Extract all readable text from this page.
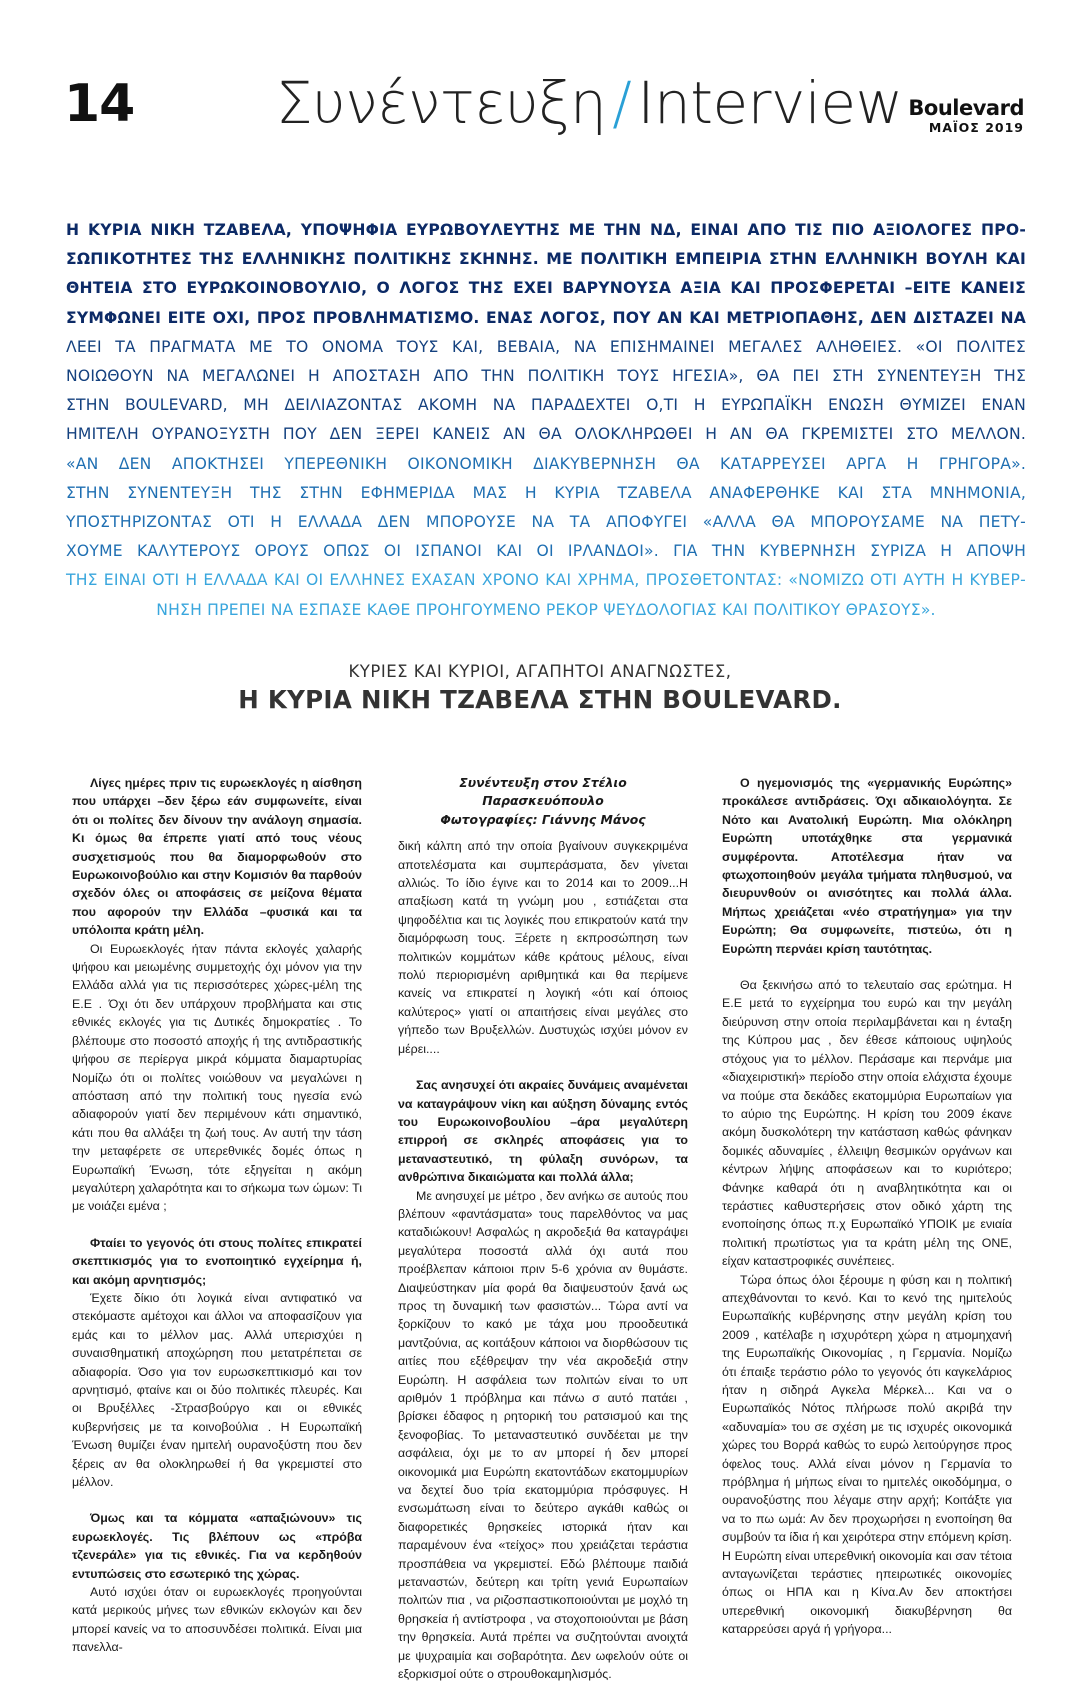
14 Συνέντευξη / Interview Boulevard
ΜΑΪΟΣ 2019
Η ΚΥΡΙΑ ΝΙΚΗ ΤΖΑΒΕΛΑ, ΥΠΟΨΗΦΙΑ ΕΥΡΩΒΟΥΛΕΥΤΗΣ ΜΕ ΤΗΝ ΝΔ, ΕΙΝΑΙ ΑΠΟ ΤΙΣ ΠΙΟ ΑΞΙΟΛΟΓΕΣ ΠΡΟ-
ΣΩΠΙΚΟΤΗΤΕΣ ΤΗΣ ΕΛΛΗΝΙΚΗΣ ΠΟΛΙΤΙΚΗΣ ΣΚΗΝΗΣ. ΜΕ ΠΟΛΙΤΙΚΗ ΕΜΠΕΙΡΙΑ ΣΤΗΝ ΕΛΛΗΝΙΚΗ ΒΟΥΛΗ ΚΑΙ
ΘΗΤΕΙΑ ΣΤΟ ΕΥΡΩΚΟΙΝΟΒΟΥΛΙΟ, Ο ΛΟΓΟΣ ΤΗΣ ΕΧΕΙ ΒΑΡΥΝΟΥΣΑ ΑΞΙΑ ΚΑΙ ΠΡΟΣΦΕΡΕΤΑΙ –ΕΙΤΕ ΚΑΝΕΙΣ
ΣΥΜΦΩΝΕΙ ΕΙΤΕ ΟΧΙ, ΠΡΟΣ ΠΡΟΒΛΗΜΑΤΙΣΜΟ. ΕΝΑΣ ΛΟΓΟΣ, ΠΟΥ ΑΝ ΚΑΙ ΜΕΤΡΙΟΠΑΘΗΣ, ΔΕΝ ΔΙΣΤΑΖΕΙ ΝΑ
ΛΕΕΙ ΤΑ ΠΡΑΓΜΑΤΑ ΜΕ ΤΟ ΟΝΟΜΑ ΤΟΥΣ ΚΑΙ, ΒΕΒΑΙΑ, ΝΑ ΕΠΙΣΗΜΑΙΝΕΙ ΜΕΓΑΛΕΣ ΑΛΗΘΕΙΕΣ. «ΟΙ ΠΟΛΙΤΕΣ
ΝΟΙΩΘΟΥΝ ΝΑ ΜΕΓΑΛΩΝΕΙ Η ΑΠΟΣΤΑΣΗ ΑΠΟ ΤΗΝ ΠΟΛΙΤΙΚΗ ΤΟΥΣ ΗΓΕΣΙΑ», ΘΑ ΠΕΙ ΣΤΗ ΣΥΝΕΝΤΕΥΞΗ ΤΗΣ
ΣΤΗΝ BOULEVARD, ΜΗ ΔΕΙΛΙΑΖΟΝΤΑΣ ΑΚΟΜΗ ΝΑ ΠΑΡΑΔΕΧΤΕΙ Ο,ΤΙ Η ΕΥΡΩΠΑΪΚΗ ΕΝΩΣΗ ΘΥΜΙΖΕΙ ΕΝΑΝ
ΗΜΙΤΕΛΗ ΟΥΡΑΝΟΞΥΣΤΗ ΠΟΥ ΔΕΝ ΞΕΡΕΙ ΚΑΝΕΙΣ ΑΝ ΘΑ ΟΛΟΚΛΗΡΩΘΕΙ Η ΑΝ ΘΑ ΓΚΡΕΜΙΣΤΕΙ ΣΤΟ ΜΕΛΛΟΝ.
«ΑΝ ΔΕΝ ΑΠΟΚΤΗΣΕΙ ΥΠΕΡΕΘΝΙΚΗ ΟΙΚΟΝΟΜΙΚΗ ΔΙΑΚΥΒΕΡΝΗΣΗ ΘΑ ΚΑΤΑΡΡΕΥΣΕΙ ΑΡΓΑ Η ΓΡΗΓΟΡΑ».
ΣΤΗΝ ΣΥΝΕΝΤΕΥΞΗ ΤΗΣ ΣΤΗΝ ΕΦΗΜΕΡΙΔΑ ΜΑΣ Η ΚΥΡΙΑ ΤΖΑΒΕΛΑ ΑΝΑΦΕΡΘΗΚΕ ΚΑΙ ΣΤΑ ΜΝΗΜΟΝΙΑ,
ΥΠΟΣΤΗΡΙΖΟΝΤΑΣ ΟΤΙ Η ΕΛΛΑΔΑ ΔΕΝ ΜΠΟΡΟΥΣΕ ΝΑ ΤΑ ΑΠΟΦΥΓΕΙ «ΑΛΛΑ ΘΑ ΜΠΟΡΟΥΣΑΜΕ ΝΑ ΠΕΤΥ-
ΧΟΥΜΕ ΚΑΛΥΤΕΡΟΥΣ ΟΡΟΥΣ ΟΠΩΣ ΟΙ ΙΣΠΑΝΟΙ ΚΑΙ ΟΙ ΙΡΛΑΝΔΟΙ». ΓΙΑ ΤΗΝ ΚΥΒΕΡΝΗΣΗ ΣΥΡΙΖΑ Η ΑΠΟΨΗ
ΤΗΣ ΕΙΝΑΙ ΟΤΙ Η ΕΛΛΑΔΑ ΚΑΙ ΟΙ ΕΛΛΗΝΕΣ ΕΧΑΣΑΝ ΧΡΟΝΟ ΚΑΙ ΧΡΗΜΑ, ΠΡΟΣΘΕΤΟΝΤΑΣ: «ΝΟΜΙΖΩ ΟΤΙ ΑΥΤΗ Η ΚΥΒΕΡ-
ΝΗΣΗ ΠΡΕΠΕΙ ΝΑ ΕΣΠΑΣΕ ΚΑΘΕ ΠΡΟΗΓΟΥΜΕΝΟ ΡΕΚΟΡ ΨΕΥΔΟΛΟΓΙΑΣ ΚΑΙ ΠΟΛΙΤΙΚΟΥ ΘΡΑΣΟΥΣ».
ΚΥΡΙΕΣ ΚΑΙ ΚΥΡΙΟΙ, ΑΓΑΠΗΤΟΙ ΑΝΑΓΝΩΣΤΕΣ,
Η ΚΥΡΙΑ ΝΙΚΗ ΤΖΑΒΕΛΑ ΣΤΗΝ BOULEVARD.

Λίγες ημέρες πριν τις ευρωεκλογές η αίσθηση που υπάρχει –δεν ξέρω εάν συμφωνείτε, είναι ότι οι πολίτες δεν δίνουν την ανάλογη σημασία. Κι όμως θα έπρεπε γιατί από τους νέους συσχετισμούς που θα διαμορφωθούν στο Ευρωκοινοβούλιο και στην Κομισιόν θα παρθούν σχεδόν όλες οι αποφάσεις σε μείζονα θέματα που αφορούν την Ελλάδα –φυσικά και τα υπόλοιπα κράτη μέλη.

Οι Ευρωεκλογές ήταν πάντα εκλογές χαλαρής ψήφου και μειωμένης συμμετοχής όχι μόνον για την Ελλάδα αλλά για τις περισσότερες χώρες-μέλη της Ε.Ε . Όχι ότι δεν υπάρχουν προβλήματα και στις εθνικές εκλογές για τις Δυτικές δημοκρατίες . Το βλέπουμε στο ποσοστό αποχής ή της αντιδραστικής ψήφου σε περίεργα μικρά κόμματα διαμαρτυρίας Νομίζω ότι οι πολίτες νοιώθουν να μεγαλώνει η απόσταση από την πολιτική τους ηγεσία ενώ αδιαφορούν γιατί δεν περιμένουν κάτι σημαντικό, κάτι που θα αλλάξει τη ζωή τους. Αν αυτή την τάση την μεταφέρετε σε υπερεθνικές δομές όπως η Ευρωπαϊκή Ένωση, τότε εξηγείται η ακόμη μεγαλύτερη χαλαρότητα και το σήκωμα των ώμων: Τι με νοιάζει εμένα ;

Φταίει το γεγονός ότι στους πολίτες επικρατεί σκεπτικισμός για το ενοποιητικό εγχείρημα ή, και ακόμη αρνητισμός;

Έχετε δίκιο ότι λογικά είναι αντιφατικό να στεκόμαστε αμέτοχοι και άλλοι να αποφασίζουν για εμάς και το μέλλον μας. Αλλά υπερισχύει η συναισθηματική αποχώρηση που μετατρέπεται σε αδιαφορία. Όσο για τον ευρωσκεπτικισμό και τον αρνητισμό, φταίνε και οι δύο πολιτικές πλευρές. Και οι Βρυξέλλες -Στρασβούργο και οι εθνικές κυβερνήσεις με τα κοινοβούλια . Η Ευρωπαϊκή Ένωση θυμίζει έναν ημιτελή ουρανοξύστη που δεν ξέρεις αν θα ολοκληρωθεί ή θα γκρεμιστεί στο μέλλον.

Όμως και τα κόμματα «απαξιώνουν» τις ευρωεκλογές. Τις βλέπουν ως «πρόβα τζενεράλε» για τις εθνικές. Για να κερδηθούν εντυπώσεις στο εσωτερικό της χώρας.

Αυτό ισχύει όταν οι ευρωεκλογές προηγούνται κατά μερικούς μήνες των εθνικών εκλογών και δεν μπορεί κανείς να το αποσυνδέσει πολιτικά. Είναι μια πανελλα-

Συνέντευξη στον Στέλιο Παρασκευόπουλο
Φωτογραφίες: Γιάννης Μάνος

δική κάλπη από την οποία βγαίνουν συγκεκριμένα αποτελέσματα και συμπεράσματα, δεν γίνεται αλλιώς. Το ίδιο έγινε και το 2014 και το 2009...Η απαξίωση κατά τη γνώμη μου , εστιάζεται στα ψηφοδέλτια και τις λογικές που επικρατούν κατά την διαμόρφωση τους. Ξέρετε η εκπροσώπηση των πολιτικών κομμάτων κάθε κράτους μέλους, είναι πολύ περιορισμένη αριθμητικά και θα περίμενε κανείς να επικρατεί η λογική «ότι καί όποιος καλύτερος» γιατί οι απαιτήσεις είναι μεγάλες στο γήπεδο των Βρυξελλών. Δυστυχώς ισχύει μόνον εν μέρει....

Σας ανησυχεί ότι ακραίες δυνάμεις αναμένεται να καταγράψουν νίκη και αύξηση δύναμης εντός του Ευρωκοινοβουλίου –άρα μεγαλύτερη επιρροή σε σκληρές αποφάσεις για το μεταναστευτικό, τη φύλαξη συνόρων, τα ανθρώπινα δικαιώματα και πολλά άλλα;

Με ανησυχεί με μέτρο , δεν ανήκω σε αυτούς που βλέπουν «φαντάσματα» τους παρελθόντος να μας καταδιώκουν! Ασφαλώς η ακροδεξιά θα καταγράψει μεγαλύτερα ποσοστά αλλά όχι αυτά που προέβλεπαν κάποιοι πριν 5-6 χρόνια αν θυμάστε. Διαψεύστηκαν μία φορά θα διαψευστούν ξανά ως προς τη δυναμική των φασιστών... Τώρα αντί να ξορκίζουν το κακό με τάχα μου προοδευτικά μαντζούνια, ας κοιτάξουν κάποιοι να διορθώσουν τις αιτίες που εξέθρεψαν την νέα ακροδεξιά στην Ευρώπη. Η ασφάλεια των πολιτών είναι το υπ αριθμόν 1 πρόβλημα και πάνω σ αυτό πατάει , βρίσκει έδαφος η ρητορική του ρατσισμού και της ξενοφοβίας. Το μεταναστευτικό συνδέεται με την ασφάλεια, όχι με το αν μπορεί ή δεν μπορεί οικονομικά μια Ευρώπη εκατοντάδων εκατομμυρίων να δεχτεί δυο τρία εκατομμύρια πρόσφυγες. Η ενσωμάτωση είναι το δεύτερο αγκάθι καθώς οι διαφορετικές θρησκείες ιστορικά ήταν και παραμένουν ένα «τείχος» που χρειάζεται τεράστια προσπάθεια να γκρεμιστεί. Εδώ βλέπουμε παιδιά μεταναστών, δεύτερη και τρίτη γενιά Ευρωπαίων πολιτών πια , να ριζοσπαστικοποιούνται με μοχλό τη θρησκεία ή αντίστροφα , να στοχοποιούνται με βάση την θρησκεία. Αυτά πρέπει να συζητούνται ανοιχτά με ψυχραιμία και σοβαρότητα. Δεν ωφελούν ούτε οι εξορκισμοί ούτε ο στρουθοκαμηλισμός.

Ο ηγεμονισμός της «γερμανικής Ευρώπης» προκάλεσε αντιδράσεις. Όχι αδικαιολόγητα. Σε Νότο και Ανατολική Ευρώπη. Μια ολόκληρη Ευρώπη υποτάχθηκε στα γερμανικά συμφέροντα. Αποτέλεσμα ήταν να φτωχοποιηθούν μεγάλα τμήματα πληθυσμού, να διευρυνθούν οι ανισότητες και πολλά άλλα. Μήπως χρειάζεται «νέο στρατήγημα» για την Ευρώπη; Θα συμφωνείτε, πιστεύω, ότι η Ευρώπη περνάει κρίση ταυτότητας.

Θα ξεκινήσω από το τελευταίο σας ερώτημα. Η Ε.Ε μετά το εγχείρημα του ευρώ και την μεγάλη διεύρυνση στην οποία περιλαμβάνεται και η ένταξη της Κύπρου μας , δεν έθεσε κάποιους υψηλούς στόχους για το μέλλον. Περάσαμε και περνάμε μια «διαχειριστική» περίοδο στην οποία ελάχιστα έχουμε να πούμε στα δεκάδες εκατομμύρια Ευρωπαίων για το αύριο της Ευρώπης. Η κρίση του 2009 έκανε ακόμη δυσκολότερη την κατάσταση καθώς φάνηκαν δομικές αδυναμίες , έλλειψη θεσμικών οργάνων και κέντρων λήψης αποφάσεων και το κυριότερο; Φάνηκε καθαρά ότι η αναβλητικότητα και οι τεράστιες καθυστερήσεις στον οδικό χάρτη της ενοποίησης όπως π.χ Ευρωπαϊκό ΥΠΟΙΚ με ενιαία πολιτική πρωτίστως για τα κράτη μέλη της ΟΝΕ, είχαν καταστροφικές συνέπειες.

Τώρα όπως όλοι ξέρουμε η φύση και η πολιτική απεχθάνονται το κενό. Και το κενό της ημιτελούς Ευρωπαϊκής κυβέρνησης στην μεγάλη κρίση του 2009 , κατέλαβε η ισχυρότερη χώρα η ατμομηχανή της Ευρωπαϊκής Οικονομίας , η Γερμανία. Νομίζω ότι έπαιξε τεράστιο ρόλο το γεγονός ότι καγκελάριος ήταν η σιδηρά Αγκελα Μέρκελ... Και να ο Ευρωπαϊκός Νότος πλήρωσε πολύ ακριβά την «αδυναμία» του σε σχέση με τις ισχυρές οικονομικά χώρες του Βορρά καθώς το ευρώ λειτούργησε προς όφελος τους. Αλλά είναι μόνον η Γερμανία το πρόβλημα ή μήπως είναι το ημιτελές οικοδόμημα, ο ουρανοξύστης που λέγαμε στην αρχή; Κοιτάξτε για να το πω ωμά: Αν δεν προχωρήσει η ενοποίηση θα συμβούν τα ίδια ή και χειρότερα στην επόμενη κρίση. Η Ευρώπη είναι υπερεθνική οικονομία και σαν τέτοια ανταγωνίζεται τεράστιες ηπειρωτικές οικονομίες όπως οι ΗΠΑ και η Κίνα.Αν δεν αποκτήσει υπερεθνική οικονομική διακυβέρνηση θα καταρρεύσει αργά ή γρήγορα...
